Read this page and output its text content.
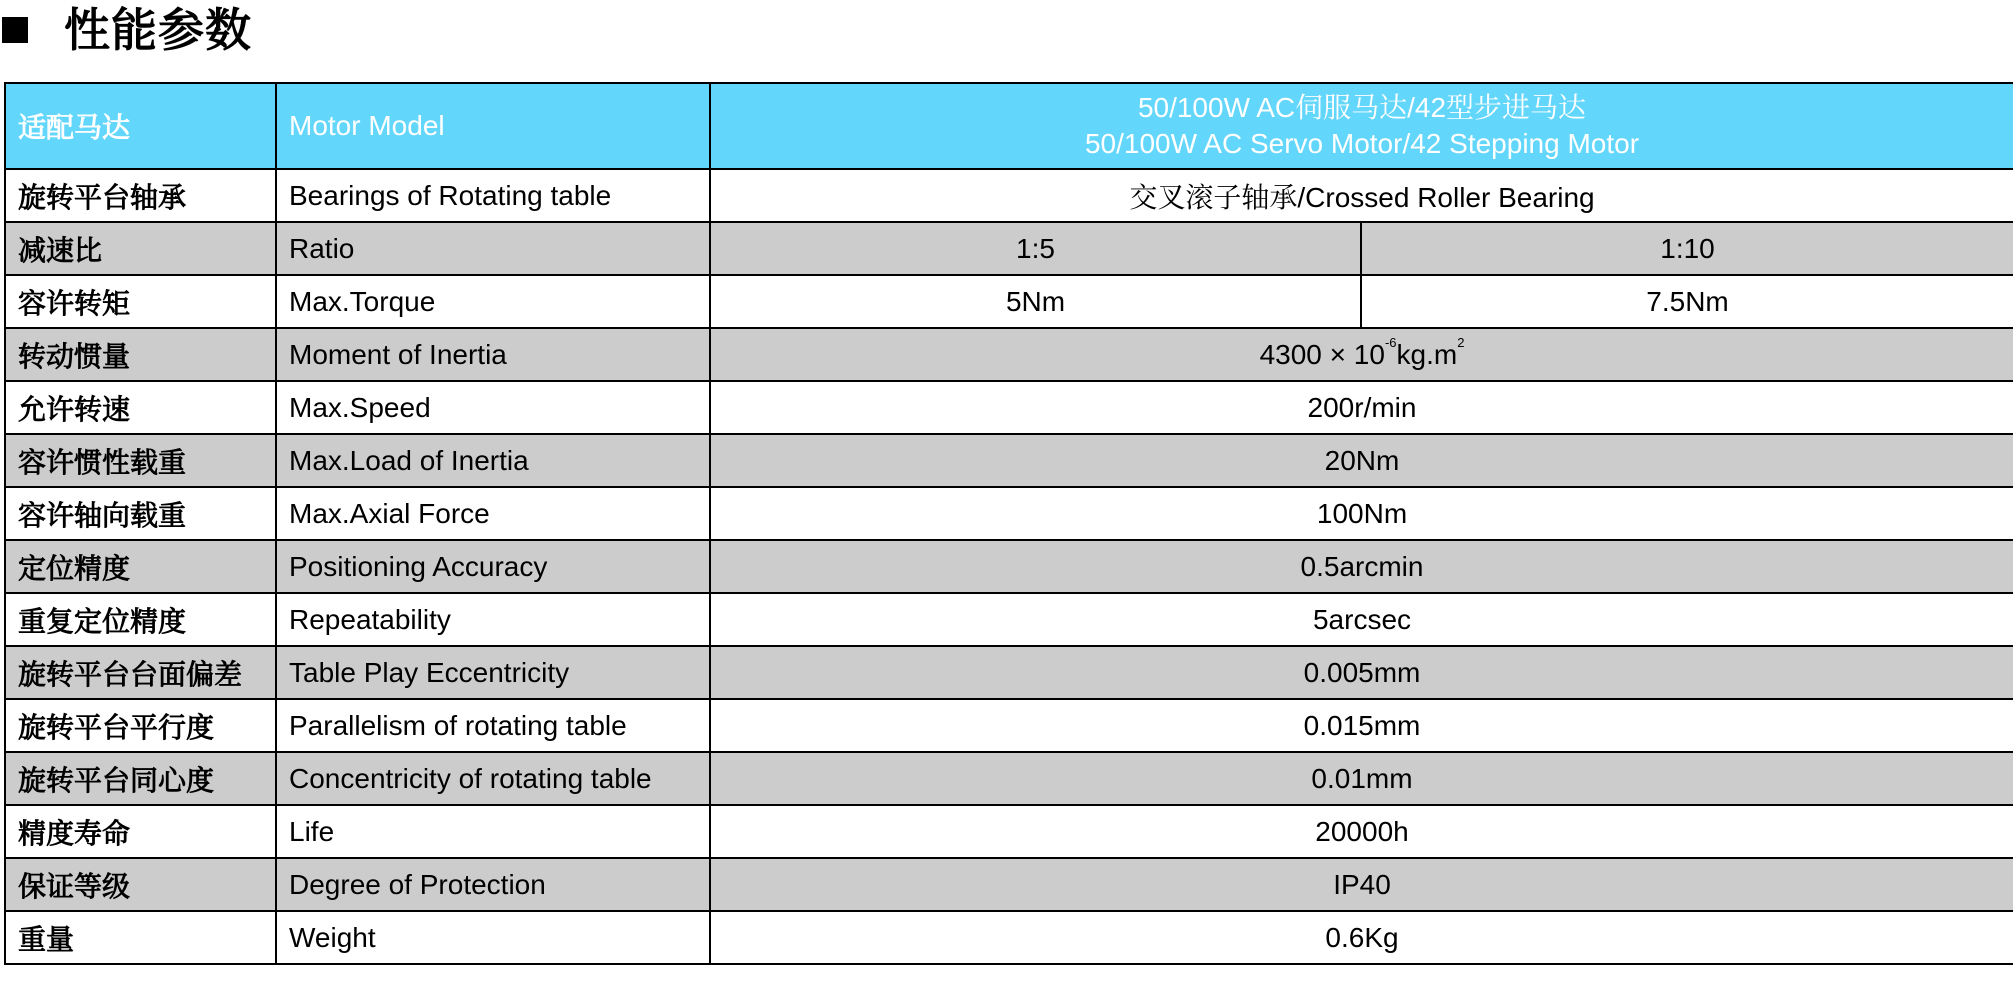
性能参数
适配马达	Motor Model	50/100W AC伺服马达/42型步进马达
50/100W AC Servo Motor/42 Stepping Motor	

旋转平台轴承	Bearings of Rotating table	交叉滚子轴承/Crossed Roller Bearing	
减速比	Ratio	1:5	1:10
容许转矩	Max.Torque	5Nm	7.5Nm
转动惯量	Moment of Inertia	$4300 \times 10^{-6}kg.m^2$
允许转速	Max.Speed	200r/min	
容许惯性载重	Max.Load of Inertia	20Nm	
容许轴向载重	Max.Axial Force	100Nm	
定位精度	Positioning Accuracy	0.5arcmin	
重复定位精度	Repeatability	5arcsec	
旋转平台台面偏差	Table Play Eccentricity	0.005mm	
旋转平台平行度	Parallelism of rotating table	0.015mm	
旋转平台同心度	Concentricity of rotating table	0.01mm	
精度寿命	Life	20000h	
保证等级	Degree of Protection	IP40	
重量	Weight	0.6Kg	
